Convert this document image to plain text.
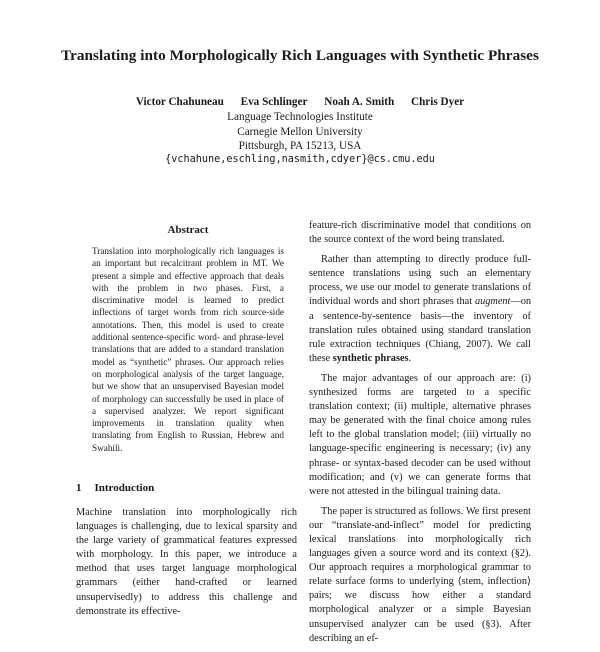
Translating into Morphologically Rich Languages with Synthetic Phrases
Victor Chahuneau Eva Schlinger Noah A. Smith Chris Dyer
Language Technologies Institute
Carnegie Mellon University
Pittsburgh, PA 15213, USA
{vchahune,eschling,nasmith,cdyer}@cs.cmu.edu
Abstract

Translation into morphologically rich languages is an important but recalcitrant problem in MT. We present a simple and effective approach that deals with the problem in two phases. First, a discriminative model is learned to predict inflections of target words from rich source-side annotations. Then, this model is used to create additional sentence-specific word- and phrase-level translations that are added to a standard translation model as “synthetic” phrases. Our approach relies on morphological analysis of the target language, but we show that an unsupervised Bayesian model of morphology can successfully be used in place of a supervised analyzer. We report significant improvements in translation quality when translating from English to Russian, Hebrew and Swahili.

1 Introduction

Machine translation into morphologically rich languages is challenging, due to lexical sparsity and the large variety of grammatical features expressed with morphology. In this paper, we introduce a method that uses target language morphological grammars (either hand-crafted or learned unsupervisedly) to address this challenge and demonstrate its effective-

feature-rich discriminative model that conditions on the source context of the word being translated.

Rather than attempting to directly produce full-sentence translations using such an elementary process, we use our model to generate translations of individual words and short phrases that augment—on a sentence-by-sentence basis—the inventory of translation rules obtained using standard translation rule extraction techniques (Chiang, 2007). We call these synthetic phrases.

The major advantages of our approach are: (i) synthesized forms are targeted to a specific translation context; (ii) multiple, alternative phrases may be generated with the final choice among rules left to the global translation model; (iii) virtually no language-specific engineering is necessary; (iv) any phrase- or syntax-based decoder can be used without modification; and (v) we can generate forms that were not attested in the bilingual training data.

The paper is structured as follows. We first present our “translate-and-inflect” model for predicting lexical translations into morphologically rich languages given a source word and its context (§2). Our approach requires a morphological grammar to relate surface forms to underlying ⟨stem, inflection⟩ pairs; we discuss how either a standard morphological analyzer or a simple Bayesian unsupervised analyzer can be used (§3). After describing an ef-
